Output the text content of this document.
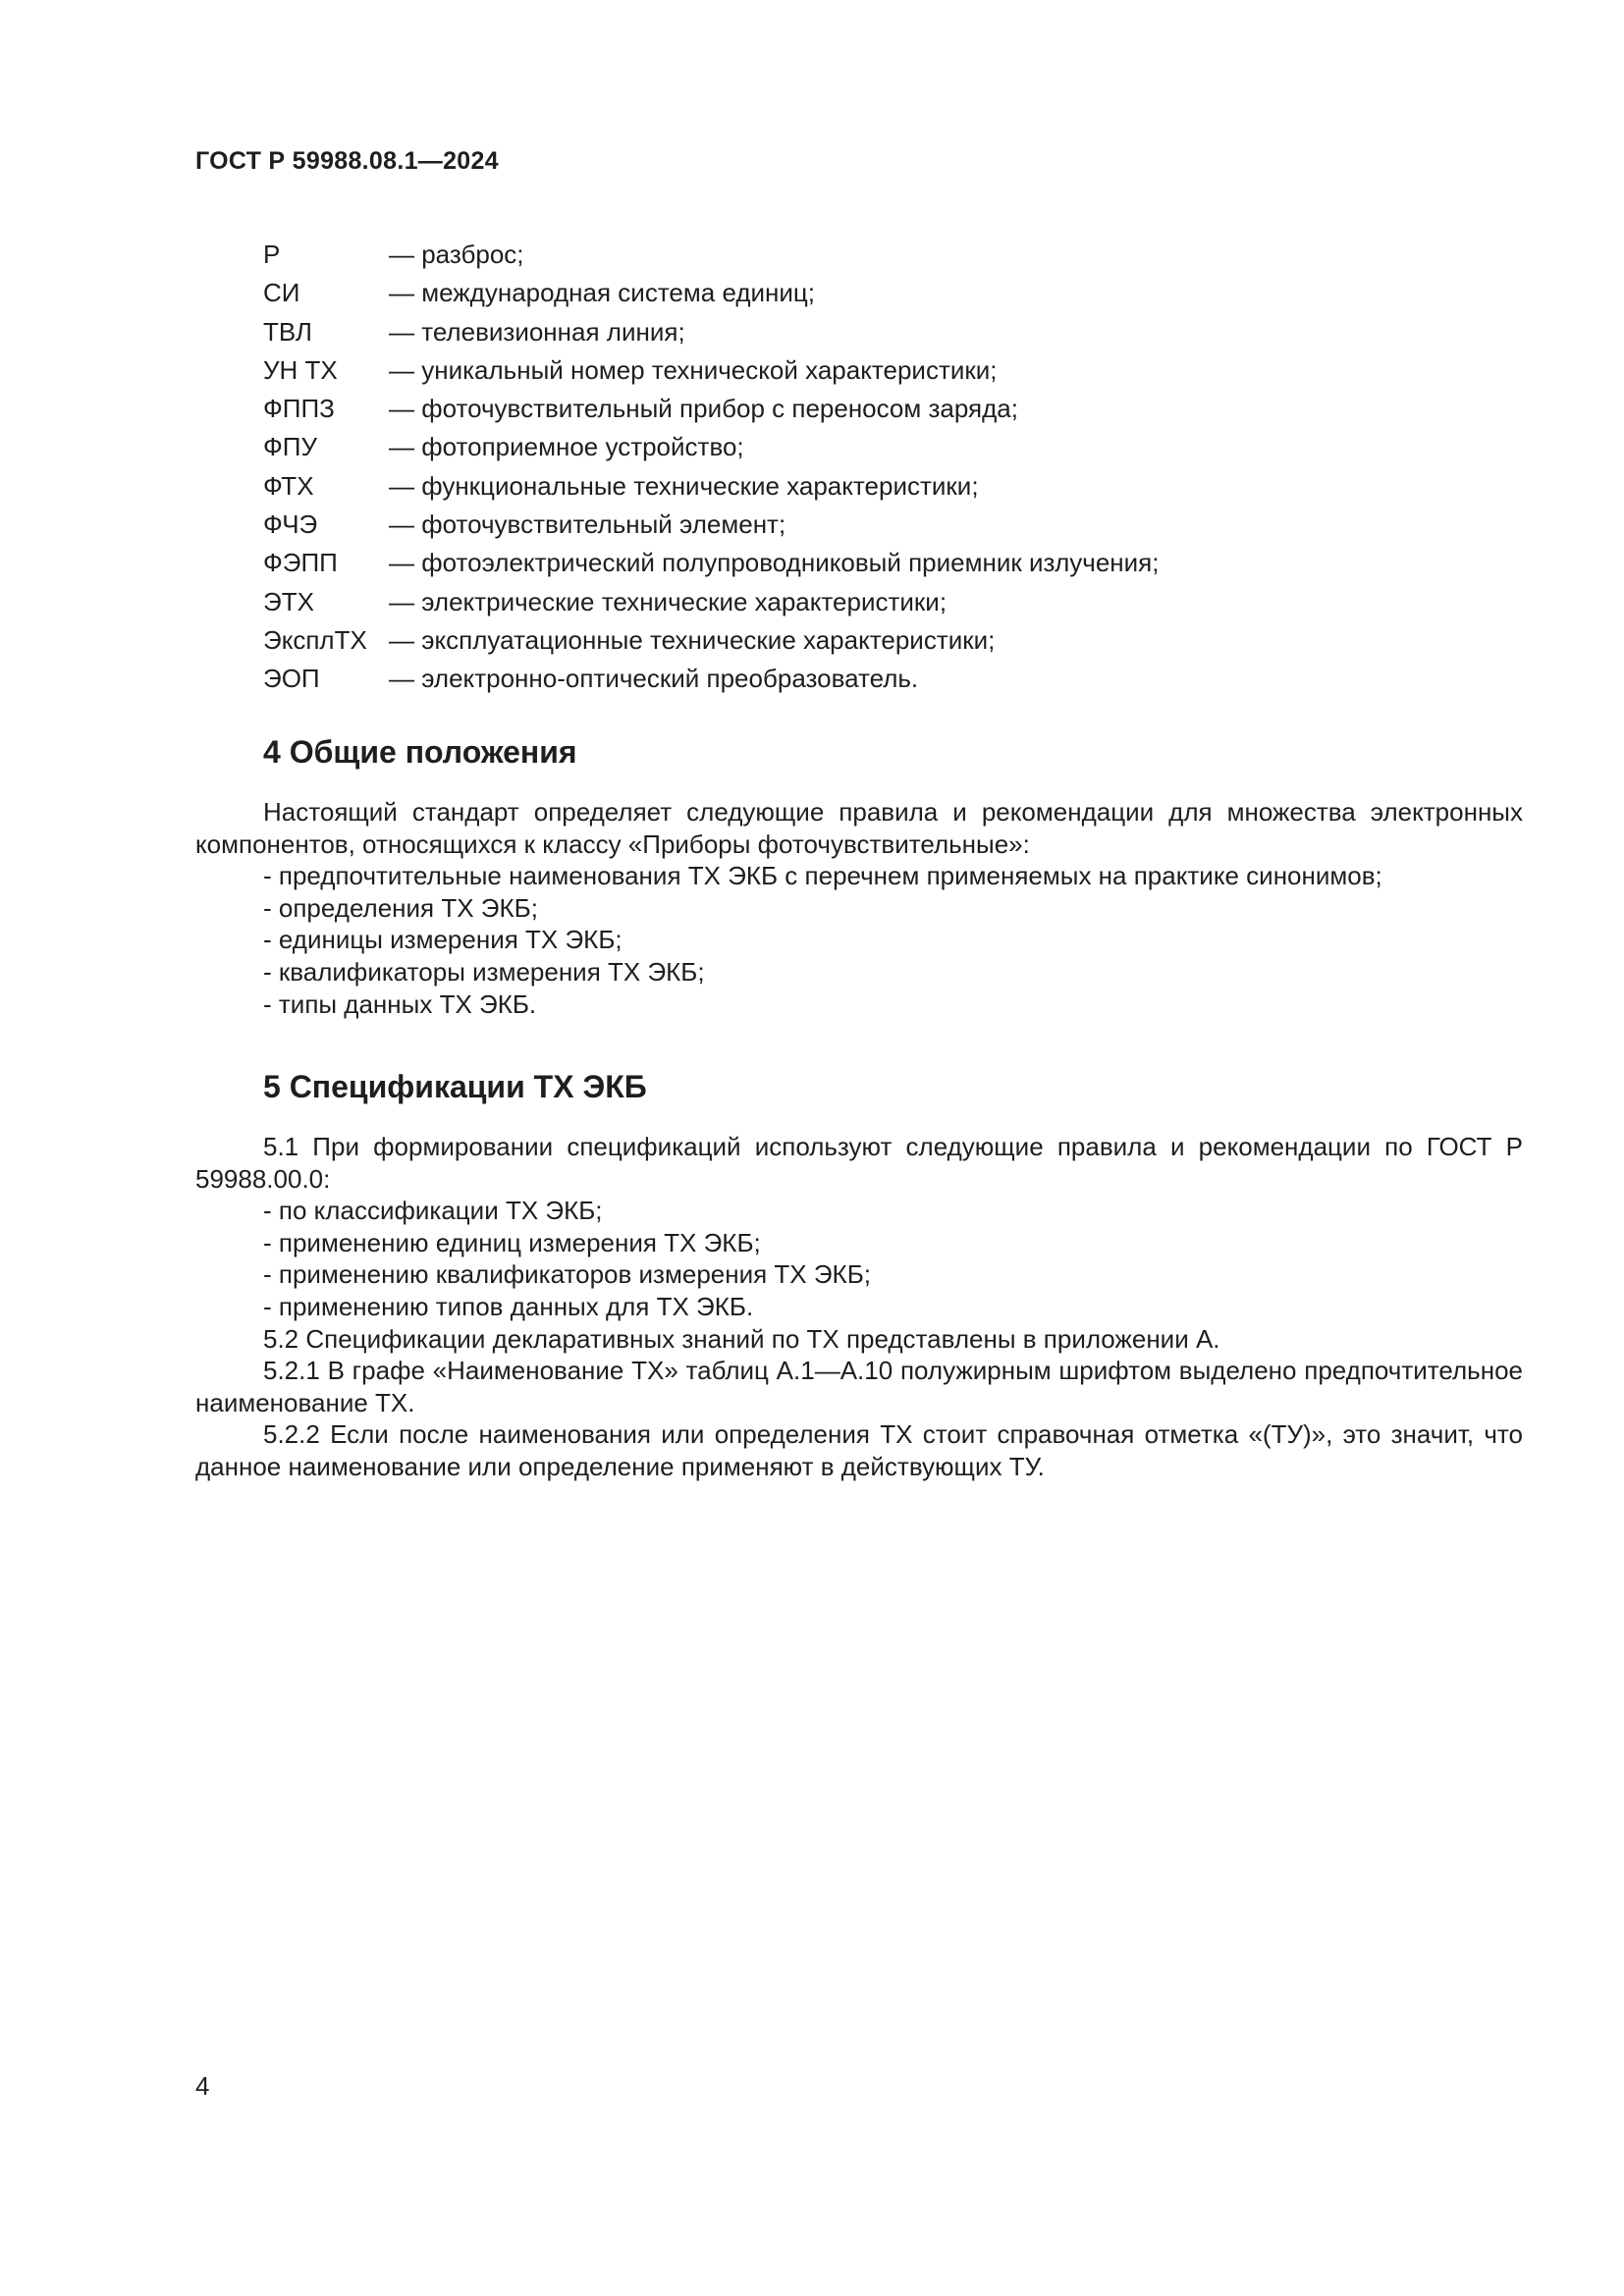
ГОСТ Р 59988.08.1—2024
Р	— разброс;
СИ	— международная система единиц;
ТВЛ	— телевизионная линия;
УН ТХ	— уникальный номер технической характеристики;
ФППЗ	— фоточувствительный прибор с переносом заряда;
ФПУ	— фотоприемное устройство;
ФТХ	— функциональные технические характеристики;
ФЧЭ	— фоточувствительный элемент;
ФЭПП	— фотоэлектрический полупроводниковый приемник излучения;
ЭТХ	— электрические технические характеристики;
ЭксплТХ — эксплуатационные технические характеристики;
ЭОП	— электронно-оптический преобразователь.
4 Общие положения

Настоящий стандарт определяет следующие правила и рекомендации для множества электронных компонентов, относящихся к классу «Приборы фоточувствительные»:

- предпочтительные наименования ТХ ЭКБ с перечнем применяемых на практике синонимов;

- определения ТХ ЭКБ;

- единицы измерения ТХ ЭКБ;

- квалификаторы измерения ТХ ЭКБ;

- типы данных ТХ ЭКБ.

5 Спецификации ТХ ЭКБ

5.1 При формировании спецификаций используют следующие правила и рекомендации по ГОСТ Р 59988.00.0:

- по классификации ТХ ЭКБ;

- применению единиц измерения ТХ ЭКБ;

- применению квалификаторов измерения ТХ ЭКБ;

- применению типов данных для ТХ ЭКБ.

5.2 Спецификации декларативных знаний по ТХ представлены в приложении А.

5.2.1 В графе «Наименование ТХ» таблиц А.1—А.10 полужирным шрифтом выделено предпочтительное наименование ТХ.

5.2.2 Если после наименования или определения ТХ стоит справочная отметка «(ТУ)», это значит, что данное наименование или определение применяют в действующих ТУ.

4
